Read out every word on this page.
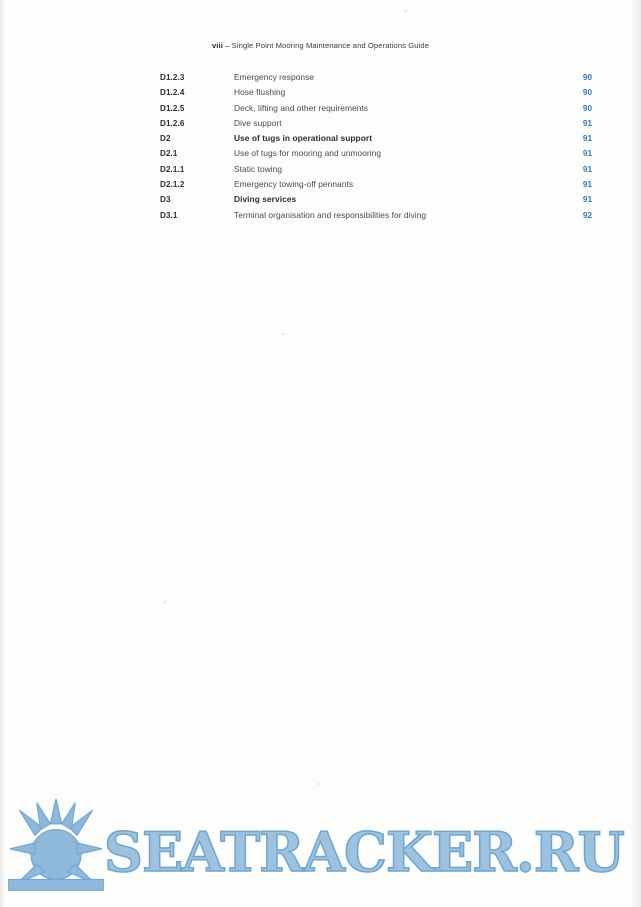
viii – Single Point Mooring Maintenance and Operations Guide
D1.2.3	Emergency response	90
D1.2.4	Hose flushing	90
D1.2.5	Deck, lifting and other requirements	90
D1.2.6	Dive support	91
D2	Use of tugs in operational support	91
D2.1	Use of tugs for mooring and unmooring	91
D2.1.1	Static towing	91
D2.1.2	Emergency towing-off pennants	91
D3	Diving services	91
D3.1	Terminal organisation and responsibilities for diving	92
SEATRACKER.RU
